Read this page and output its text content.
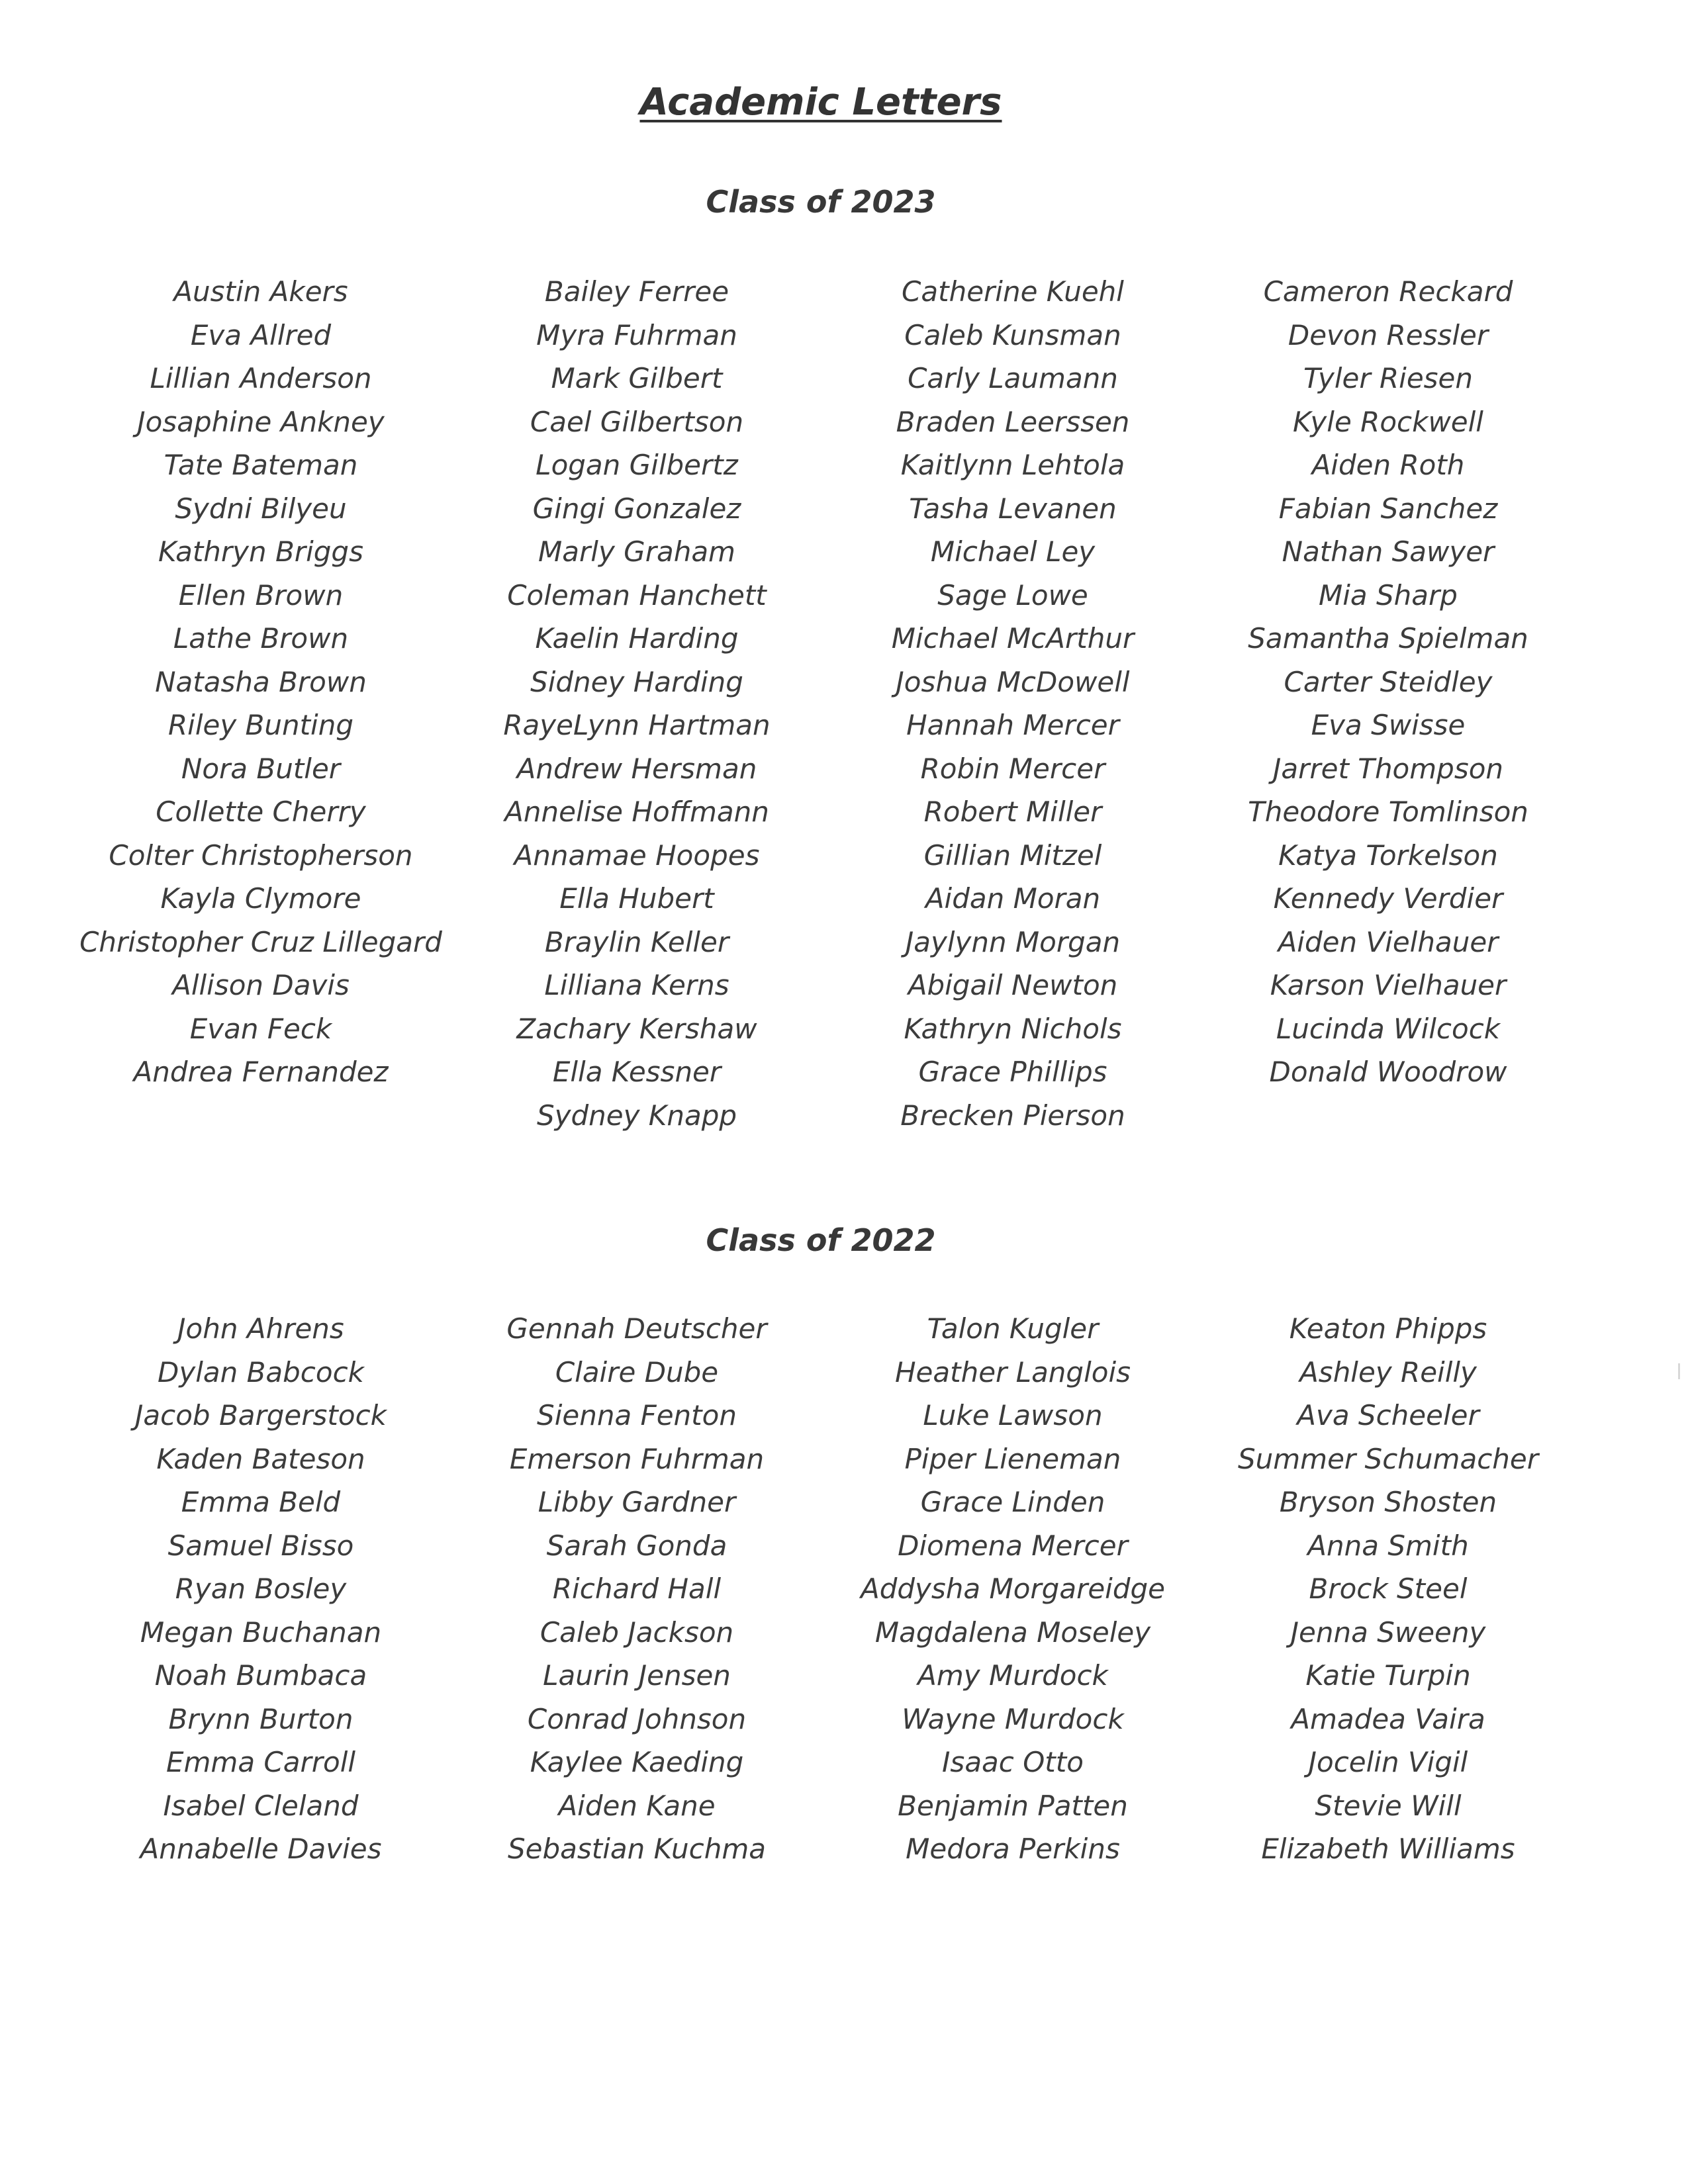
Academic Letters
Class of 2023
Austin Akers
Eva Allred
Lillian Anderson
Josaphine Ankney
Tate Bateman
Sydni Bilyeu
Kathryn Briggs
Ellen Brown
Lathe Brown
Natasha Brown
Riley Bunting
Nora Butler
Collette Cherry
Colter Christopherson
Kayla Clymore
Christopher Cruz Lillegard
Allison Davis
Evan Feck
Andrea Fernandez
Bailey Ferree
Myra Fuhrman
Mark Gilbert
Cael Gilbertson
Logan Gilbertz
Gingi Gonzalez
Marly Graham
Coleman Hanchett
Kaelin Harding
Sidney Harding
RayeLynn Hartman
Andrew Hersman
Annelise Hoffmann
Annamae Hoopes
Ella Hubert
Braylin Keller
Lilliana Kerns
Zachary Kershaw
Ella Kessner
Sydney Knapp
Catherine Kuehl
Caleb Kunsman
Carly Laumann
Braden Leerssen
Kaitlynn Lehtola
Tasha Levanen
Michael Ley
Sage Lowe
Michael McArthur
Joshua McDowell
Hannah Mercer
Robin Mercer
Robert Miller
Gillian Mitzel
Aidan Moran
Jaylynn Morgan
Abigail Newton
Kathryn Nichols
Grace Phillips
Brecken Pierson
Cameron Reckard
Devon Ressler
Tyler Riesen
Kyle Rockwell
Aiden Roth
Fabian Sanchez
Nathan Sawyer
Mia Sharp
Samantha Spielman
Carter Steidley
Eva Swisse
Jarret Thompson
Theodore Tomlinson
Katya Torkelson
Kennedy Verdier
Aiden Vielhauer
Karson Vielhauer
Lucinda Wilcock
Donald Woodrow
Class of 2022
John Ahrens
Dylan Babcock
Jacob Bargerstock
Kaden Bateson
Emma Beld
Samuel Bisso
Ryan Bosley
Megan Buchanan
Noah Bumbaca
Brynn Burton
Emma Carroll
Isabel Cleland
Annabelle Davies
Gennah Deutscher
Claire Dube
Sienna Fenton
Emerson Fuhrman
Libby Gardner
Sarah Gonda
Richard Hall
Caleb Jackson
Laurin Jensen
Conrad Johnson
Kaylee Kaeding
Aiden Kane
Sebastian Kuchma
Talon Kugler
Heather Langlois
Luke Lawson
Piper Lieneman
Grace Linden
Diomena Mercer
Addysha Morgareidge
Magdalena Moseley
Amy Murdock
Wayne Murdock
Isaac Otto
Benjamin Patten
Medora Perkins
Keaton Phipps
Ashley Reilly
Ava Scheeler
Summer Schumacher
Bryson Shosten
Anna Smith
Brock Steel
Jenna Sweeny
Katie Turpin
Amadea Vaira
Jocelin Vigil
Stevie Will
Elizabeth Williams
